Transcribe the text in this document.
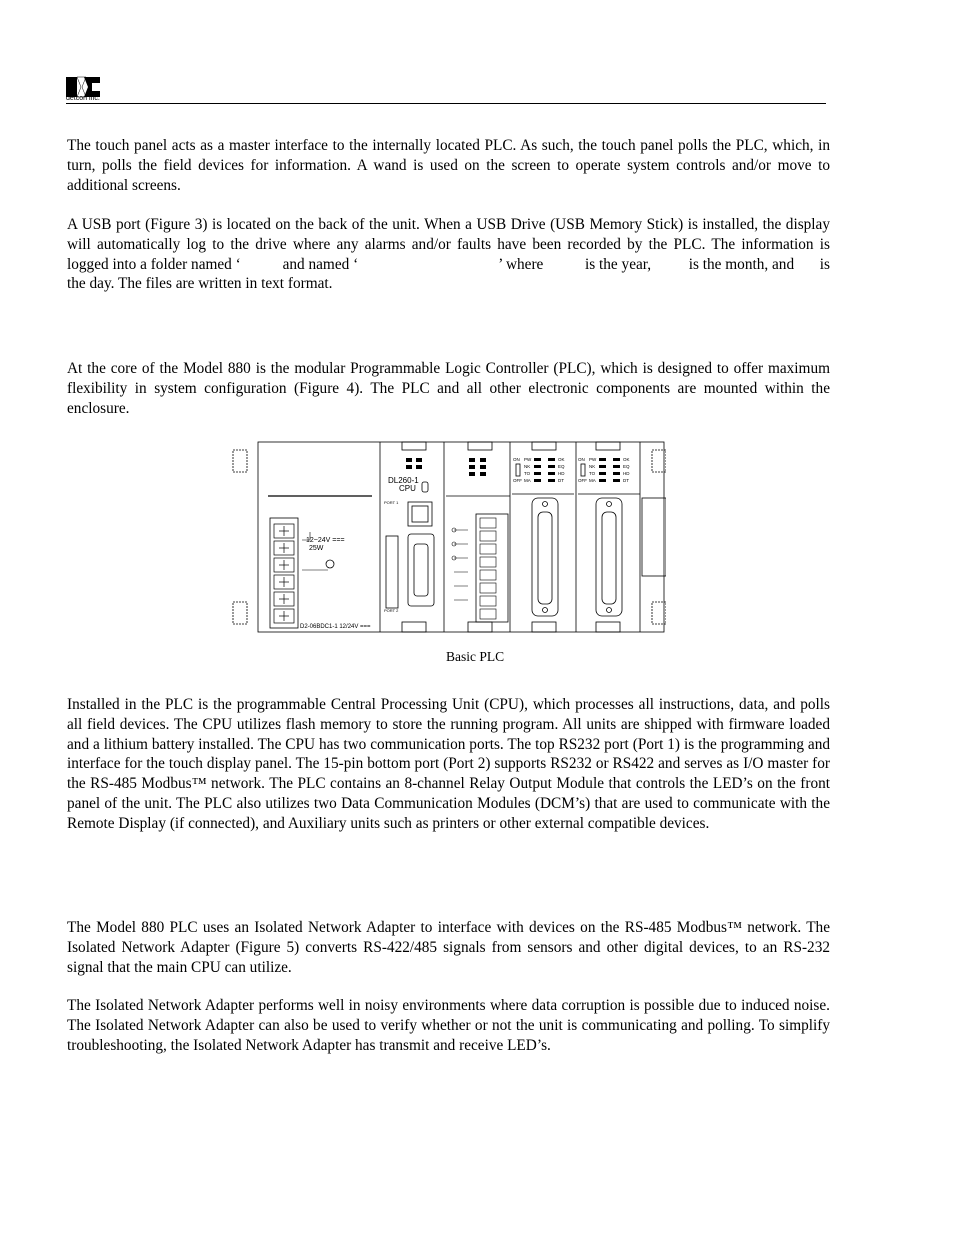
detcon inc.

The touch panel acts as a master interface to the internally located PLC. As such, the touch panel polls the PLC, which, in turn, polls the field devices for information. A wand is used on the screen to operate system controls and/or move to additional screens.

A USB port (Figure 3) is located on the back of the unit. When a USB Drive (USB Memory Stick) is installed, the display will automatically log to the drive where any alarms and/or faults have been recorded by the PLC. The information is logged into a folder named ‘	and named ‘	’ where	is the year, is the month, and is the day. The files are written in text format.

At the core of the Model 880 is the modular Programmable Logic Controller (PLC), which is designed to offer maximum flexibility in system configuration (Figure 4). The PLC and all other electronic components are mounted within the enclosure.

12~24V ===
25W
D2-06BDC1-1 12/24V ===
DL260-1
CPU
PORT 1
PORT 2
ON
OFF
PW
NK
TO
MA
OK
EQ
HD
DT
ON
OFF
PW
NK
TO
MA
OK
EQ
HD
DT
Basic PLC

Installed in the PLC is the programmable Central Processing Unit (CPU), which processes all instructions, data, and polls all field devices. The CPU utilizes flash memory to store the running program. All units are shipped with firmware loaded and a lithium battery installed. The CPU has two communication ports. The top RS232 port (Port 1) is the programming and interface for the touch display panel. The 15-pin bottom port (Port 2) supports RS232 or RS422 and serves as I/O master for the RS-485 Modbus™ network. The PLC contains an 8-channel Relay Output Module that controls the LED’s on the front panel of the unit. The PLC also utilizes two Data Communication Modules (DCM’s) that are used to communicate with the Remote Display (if connected), and Auxiliary units such as printers or other external compatible devices.

The Model 880 PLC uses an Isolated Network Adapter to interface with devices on the RS-485 Modbus™ network. The Isolated Network Adapter (Figure 5) converts RS-422/485 signals from sensors and other digital devices, to an RS-232 signal that the main CPU can utilize.

The Isolated Network Adapter performs well in noisy environments where data corruption is possible due to induced noise. The Isolated Network Adapter can also be used to verify whether or not the unit is communicating and polling. To simplify troubleshooting, the Isolated Network Adapter has transmit and receive LED’s.
